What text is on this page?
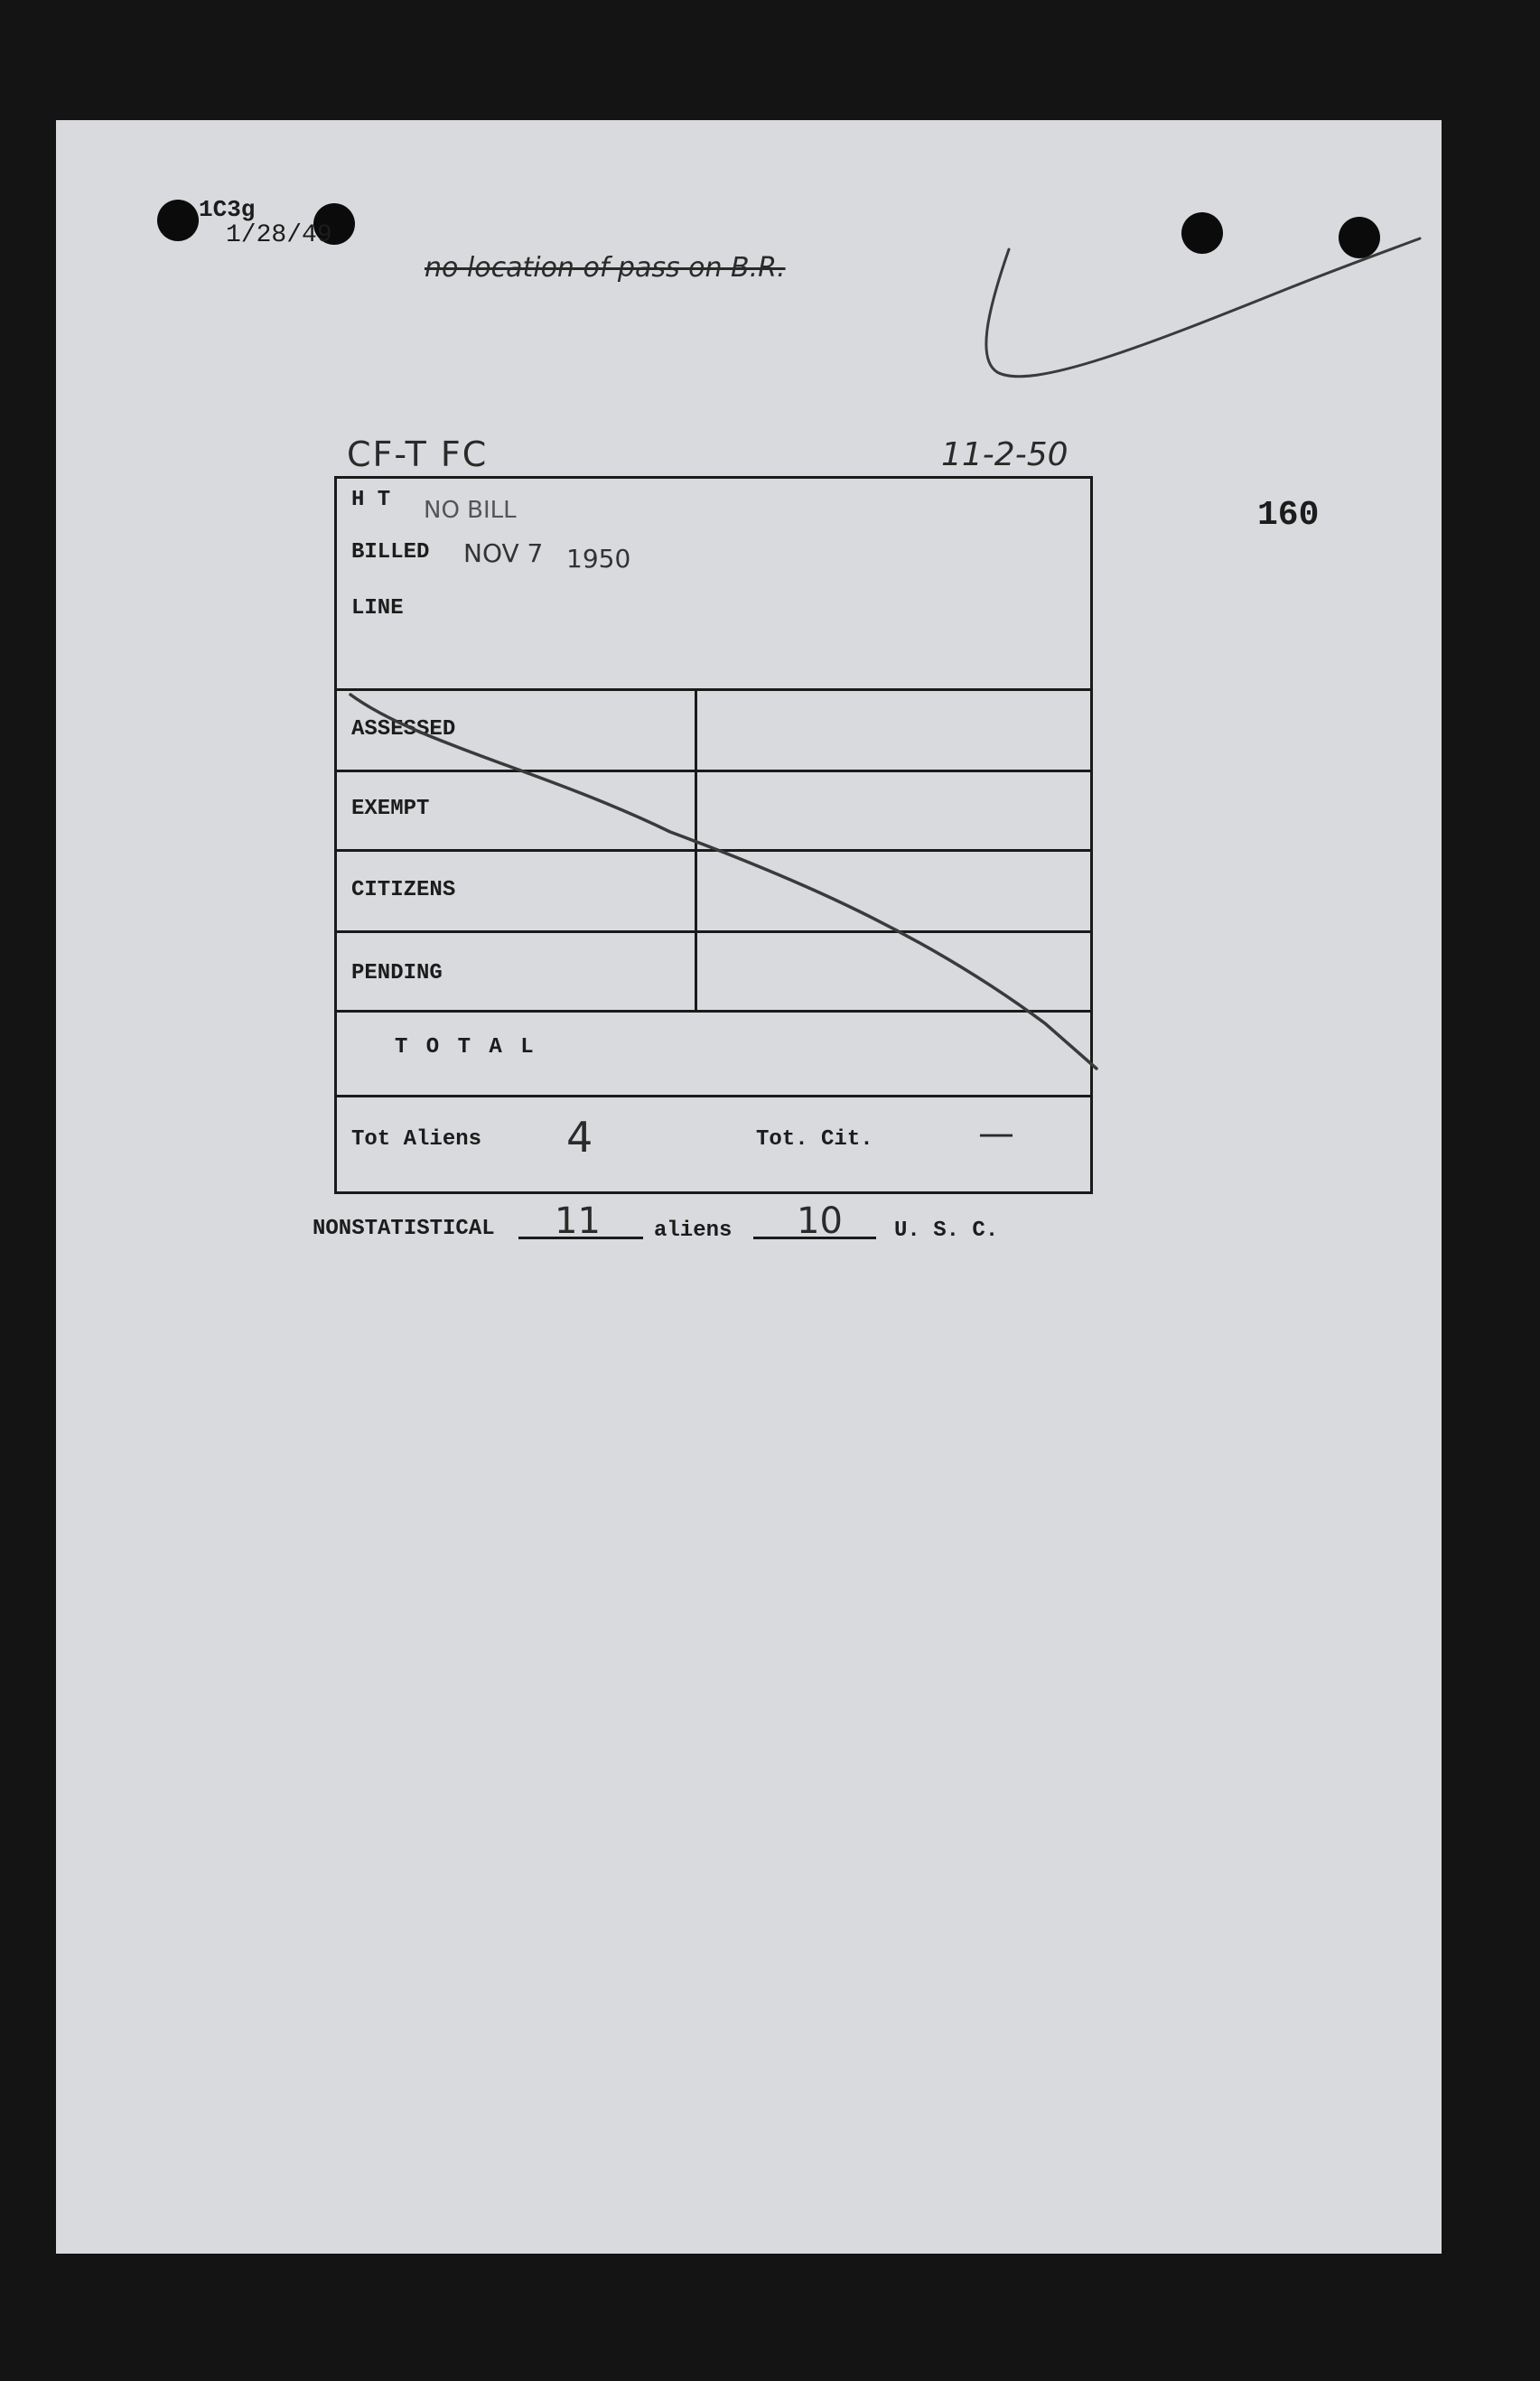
1C3g
1/28/49
no location of pass on B.R.
CF-T FC	11-2-50
160
H T NO BILL
BILLED NOV 7 1950
LINE
ASSESSED
EXEMPT
CITIZENS
PENDING
T O T A L
Tot Aliens 4	Tot. Cit.	—
NONSTATISTICAL 11 aliens 10 U. S. C.
